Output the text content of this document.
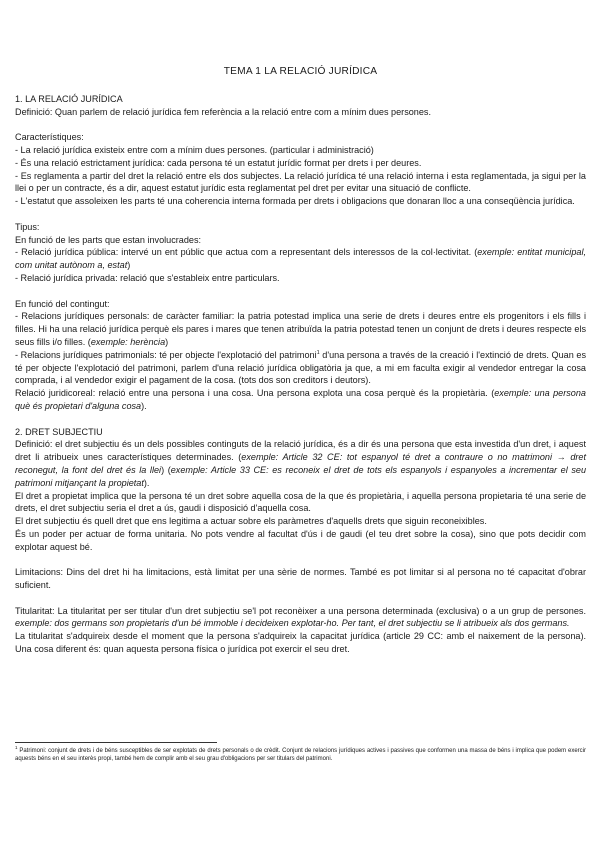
TEMA 1 LA RELACIÓ JURÍDICA

1. LA RELACIÓ JURÍDICA

Definició: Quan parlem de relació jurídica fem referència a la relació entre com a mínim dues persones.

Característiques:

- La relació jurídica existeix entre com a mínim dues persones. (particular i administració)

- És una relació estrictament jurídica: cada persona té un estatut jurídic format per drets i per deures.

- Es reglamenta a partir del dret la relació entre els dos subjectes. La relació jurídica té una relació interna i esta reglamentada, ja sigui per la llei o per un contracte, és a dir, aquest estatut jurídic esta reglamentat pel dret per evitar una situació de conflicte.

- L'estatut que assoleixen les parts té una coherencia interna formada per drets i obligacions que donaran lloc a una conseqüència jurídica.

Tipus:

En funció de les parts que estan involucrades:

- Relació jurídica pública: intervé un ent públic que actua com a representant dels interessos de la col·lectivitat. (exemple: entitat municipal, com unitat autònom a, estat)

- Relació jurídica privada: relació que s'estableix entre particulars.

En funció del contingut:

- Relacions jurídiques personals: de caràcter familiar: la patria potestad implica una serie de drets i deures entre els progenitors i els fills i filles. Hi ha una relació jurídica perquè els pares i mares que tenen atribuïda la patria potestad tenen un conjunt de drets i deures respecte els seus fills i/o filles. (exemple: herència)

- Relacions jurídiques patrimonials: té per objecte l'explotació del patrimoni$^1$ d'una persona a través de la creació i l'extinció de drets. Quan es té per objecte l'explotació del patrimoni, parlem d'una relació jurídica obligatòria ja que, a mi em faculta exigir al vendedor entregar la cosa comprada, i al vendedor exigir el pagament de la cosa. (tots dos son creditors i deutors).

Relació juridicoreal: relació entre una persona i una cosa. Una persona explota una cosa perquè és la propietària. (exemple: una persona què és propietari d'alguna cosa).

2. DRET SUBJECTIU

Definició: el dret subjectiu és un dels possibles continguts de la relació jurídica, és a dir és una persona que esta investida d'un dret, i aquest dret li atribueix unes característiques determinades. (exemple: Article 32 CE: tot espanyol té dret a contraure o no matrimoni → dret reconegut, la font del dret és la llei) (exemple: Article 33 CE: es reconeix el dret de tots els espanyols i espanyoles a incrementar el seu patrimoni mitjançant la propietat).

El dret a propietat implica que la persona té un dret sobre aquella cosa de la que és propietària, i aquella persona propietaria té una serie de drets, el dret subjectiu seria el dret a ús, gaudi i disposició d'aquella cosa.

El dret subjectiu és quell dret que ens legitima a actuar sobre els paràmetres d'aquells drets que siguin reconeixibles.

És un poder per actuar de forma unitaria. No pots vendre al facultat d'ús i de gaudi (el teu dret sobre la cosa), sino que pots decidir com explotar aquest bé.

Limitacions: Dins del dret hi ha limitacions, està limitat per una sèrie de normes. També es pot limitar si al persona no té capacitat d'obrar suficient.

Titularitat: La titularitat per ser titular d'un dret subjectiu se'l pot reconèixer a una persona determinada (exclusiva) o a un grup de persones. exemple: dos germans son propietaris d'un bé immoble i decideixen explotar-ho. Per tant, el dret subjectiu se li atribueix als dos germans.

La titularitat s'adquireix desde el moment que la persona s'adquireix la capacitat jurídica (article 29 CC: amb el naixement de la persona). Una cosa diferent és: quan aquesta persona física o jurídica pot exercir el seu dret.

$^1$ Patrimoni: conjunt de drets i de béns susceptibles de ser explotats de drets personals o de crèdit. Conjunt de relacions jurídiques actives i passives que conformen una massa de béns i implica que podem exercir aquests béns en el seu interès propi, també hem de complir amb el seu grau d'obligacions per ser titulars del patrimoni.
